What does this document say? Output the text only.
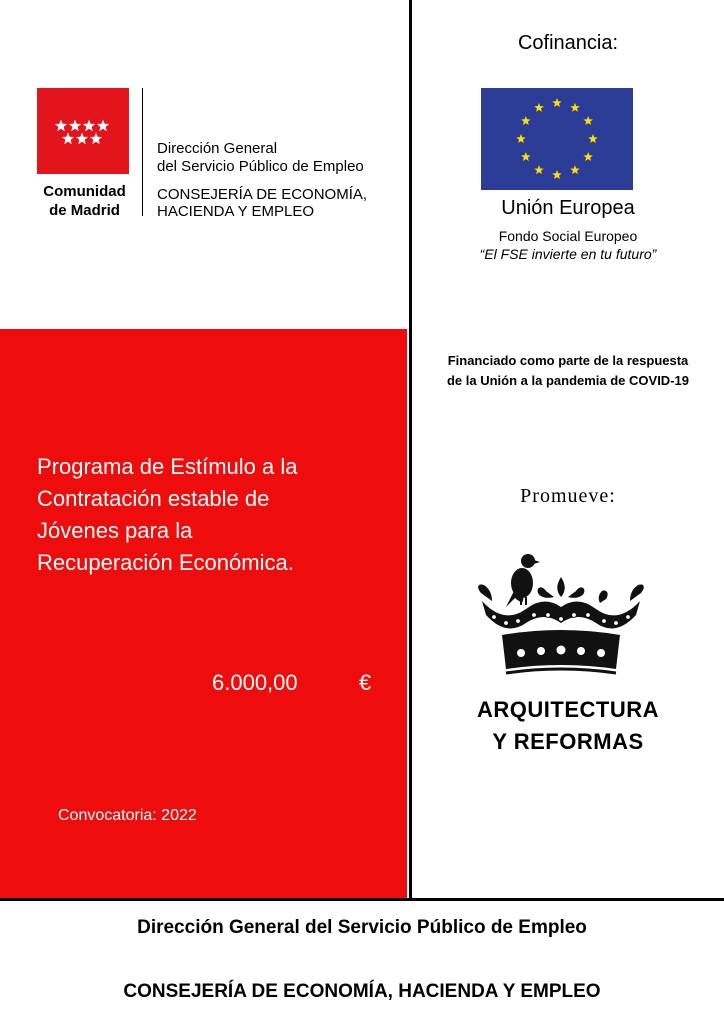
Comunidad
de Madrid
Dirección General
del Servicio Público de Empleo
CONSEJERÍA DE ECONOMÍA,
HACIENDA Y EMPLEO
Cofinancia:
Unión Europea
Fondo Social Europeo
“El FSE invierte en tu futuro”
Financiado como parte de la respuesta
de la Unión a la pandemia de COVID-19
Programa de Estímulo a la
Contratación estable de
Jóvenes para la
Recuperación Económica.
6.000,00	€
Convocatoria: 2022
Promueve:
ARQUITECTURA
Y REFORMAS
Dirección General del Servicio Público de Empleo
CONSEJERÍA DE ECONOMÍA, HACIENDA Y EMPLEO
